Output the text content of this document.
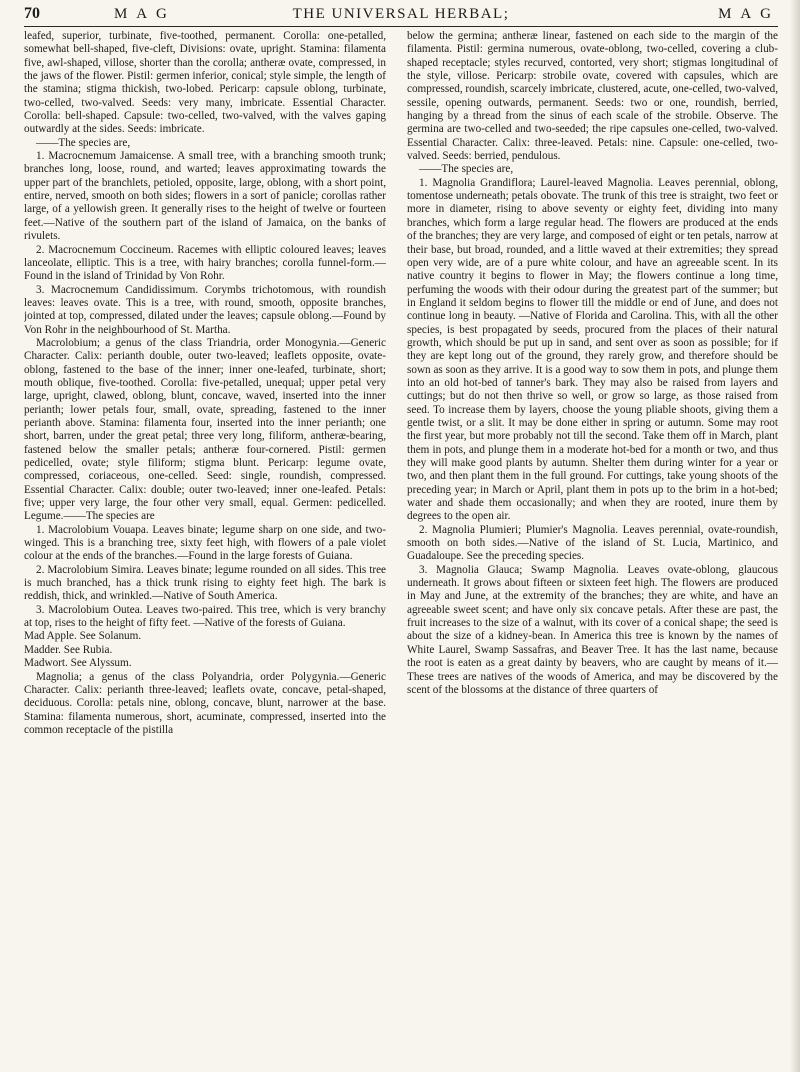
70	M A G	THE UNIVERSAL HERBAL;	M A G

leafed, superior, turbinate, five-toothed, permanent. Corolla: one-petalled, somewhat bell-shaped, five-cleft, Divisions: ovate, upright. Stamina: filamenta five, awl-shaped, villose, shorter than the corolla; antheræ ovate, compressed, in the jaws of the flower. Pistil: germen inferior, conical; style simple, the length of the stamina; stigma thickish, two-lobed. Pericarp: capsule oblong, turbinate, two-celled, two-valved. Seeds: very many, imbricate. Essential Character. Corolla: bell-shaped. Capsule: two-celled, two-valved, with the valves gaping outwardly at the sides. Seeds: imbricate.

——The species are,

1. Macrocnemum Jamaicense. A small tree, with a branching smooth trunk; branches long, loose, round, and warted; leaves approximating towards the upper part of the branchlets, petioled, opposite, large, oblong, with a short point, entire, nerved, smooth on both sides; flowers in a sort of panicle; corollas rather large, of a yellowish green. It generally rises to the height of twelve or fourteen feet.—Native of the southern part of the island of Jamaica, on the banks of rivulets.

2. Macrocnemum Coccineum. Racemes with elliptic coloured leaves; leaves lanceolate, elliptic. This is a tree, with hairy branches; corolla funnel-form.—Found in the island of Trinidad by Von Rohr.

3. Macrocnemum Candidissimum. Corymbs trichotomous, with roundish leaves: leaves ovate. This is a tree, with round, smooth, opposite branches, jointed at top, compressed, dilated under the leaves; capsule oblong.—Found by Von Rohr in the neighbourhood of St. Martha.

Macrolobium; a genus of the class Triandria, order Monogynia.—Generic Character. Calix: perianth double, outer two-leaved; leaflets opposite, ovate-oblong, fastened to the base of the inner; inner one-leafed, turbinate, short; mouth oblique, five-toothed. Corolla: five-petalled, unequal; upper petal very large, upright, clawed, oblong, blunt, concave, waved, inserted into the inner perianth; lower petals four, small, ovate, spreading, fastened to the inner perianth above. Stamina: filamenta four, inserted into the inner perianth; one short, barren, under the great petal; three very long, filiform, antheræ-bearing, fastened below the smaller petals; antheræ four-cornered. Pistil: germen pedicelled, ovate; style filiform; stigma blunt. Pericarp: legume ovate, compressed, coriaceous, one-celled. Seed: single, roundish, compressed. Essential Character. Calix: double; outer two-leaved; inner one-leafed. Petals: five; upper very large, the four other very small, equal. Germen: pedicelled. Legume.——The species are

1. Macrolobium Vouapa. Leaves binate; legume sharp on one side, and two-winged. This is a branching tree, sixty feet high, with flowers of a pale violet colour at the ends of the branches.—Found in the large forests of Guiana.

2. Macrolobium Simira. Leaves binate; legume rounded on all sides. This tree is much branched, has a thick trunk rising to eighty feet high. The bark is reddish, thick, and wrinkled.—Native of South America.

3. Macrolobium Outea. Leaves two-paired. This tree, which is very branchy at top, rises to the height of fifty feet. —Native of the forests of Guiana.

Mad Apple. See Solanum.

Madder. See Rubia.

Madwort. See Alyssum.

Magnolia; a genus of the class Polyandria, order Polygynia.—Generic Character. Calix: perianth three-leaved; leaflets ovate, concave, petal-shaped, deciduous. Corolla: petals nine, oblong, concave, blunt, narrower at the base. Stamina: filamenta numerous, short, acuminate, compressed, inserted into the common receptacle of the pistilla

below the germina; antheræ linear, fastened on each side to the margin of the filamenta. Pistil: germina numerous, ovate-oblong, two-celled, covering a club-shaped receptacle; styles recurved, contorted, very short; stigmas longitudinal of the style, villose. Pericarp: strobile ovate, covered with capsules, which are compressed, roundish, scarcely imbricate, clustered, acute, one-celled, two-valved, sessile, opening outwards, permanent. Seeds: two or one, roundish, berried, hanging by a thread from the sinus of each scale of the strobile. Observe. The germina are two-celled and two-seeded; the ripe capsules one-celled, two-valved. Essential Character. Calix: three-leaved. Petals: nine. Capsule: one-celled, two-valved. Seeds: berried, pendulous.

——The species are,

1. Magnolia Grandiflora; Laurel-leaved Magnolia. Leaves perennial, oblong, tomentose underneath; petals obovate. The trunk of this tree is straight, two feet or more in diameter, rising to above seventy or eighty feet, dividing into many branches, which form a large regular head. The flowers are produced at the ends of the branches; they are very large, and composed of eight or ten petals, narrow at their base, but broad, rounded, and a little waved at their extremities; they spread open very wide, are of a pure white colour, and have an agreeable scent. In its native country it begins to flower in May; the flowers continue a long time, perfuming the woods with their odour during the greatest part of the summer; but in England it seldom begins to flower till the middle or end of June, and does not continue long in beauty. —Native of Florida and Carolina. This, with all the other species, is best propagated by seeds, procured from the places of their natural growth, which should be put up in sand, and sent over as soon as possible; for if they are kept long out of the ground, they rarely grow, and therefore should be sown as soon as they arrive. It is a good way to sow them in pots, and plunge them into an old hot-bed of tanner's bark. They may also be raised from layers and cuttings; but do not then thrive so well, or grow so large, as those raised from seed. To increase them by layers, choose the young pliable shoots, giving them a gentle twist, or a slit. It may be done either in spring or autumn. Some may root the first year, but more probably not till the second. Take them off in March, plant them in pots, and plunge them in a moderate hot-bed for a month or two, and thus they will make good plants by autumn. Shelter them during winter for a year or two, and then plant them in the full ground. For cuttings, take young shoots of the preceding year; in March or April, plant them in pots up to the brim in a hot-bed; water and shade them occasionally; and when they are rooted, inure them by degrees to the open air.

2. Magnolia Plumieri; Plumier's Magnolia. Leaves perennial, ovate-roundish, smooth on both sides.—Native of the island of St. Lucia, Martinico, and Guadaloupe. See the preceding species.

3. Magnolia Glauca; Swamp Magnolia. Leaves ovate-oblong, glaucous underneath. It grows about fifteen or sixteen feet high. The flowers are produced in May and June, at the extremity of the branches; they are white, and have an agreeable sweet scent; and have only six concave petals. After these are past, the fruit increases to the size of a walnut, with its cover of a conical shape; the seed is about the size of a kidney-bean. In America this tree is known by the names of White Laurel, Swamp Sassafras, and Beaver Tree. It has the last name, because the root is eaten as a great dainty by beavers, who are caught by means of it.—These trees are natives of the woods of America, and may be discovered by the scent of the blossoms at the distance of three quarters of
